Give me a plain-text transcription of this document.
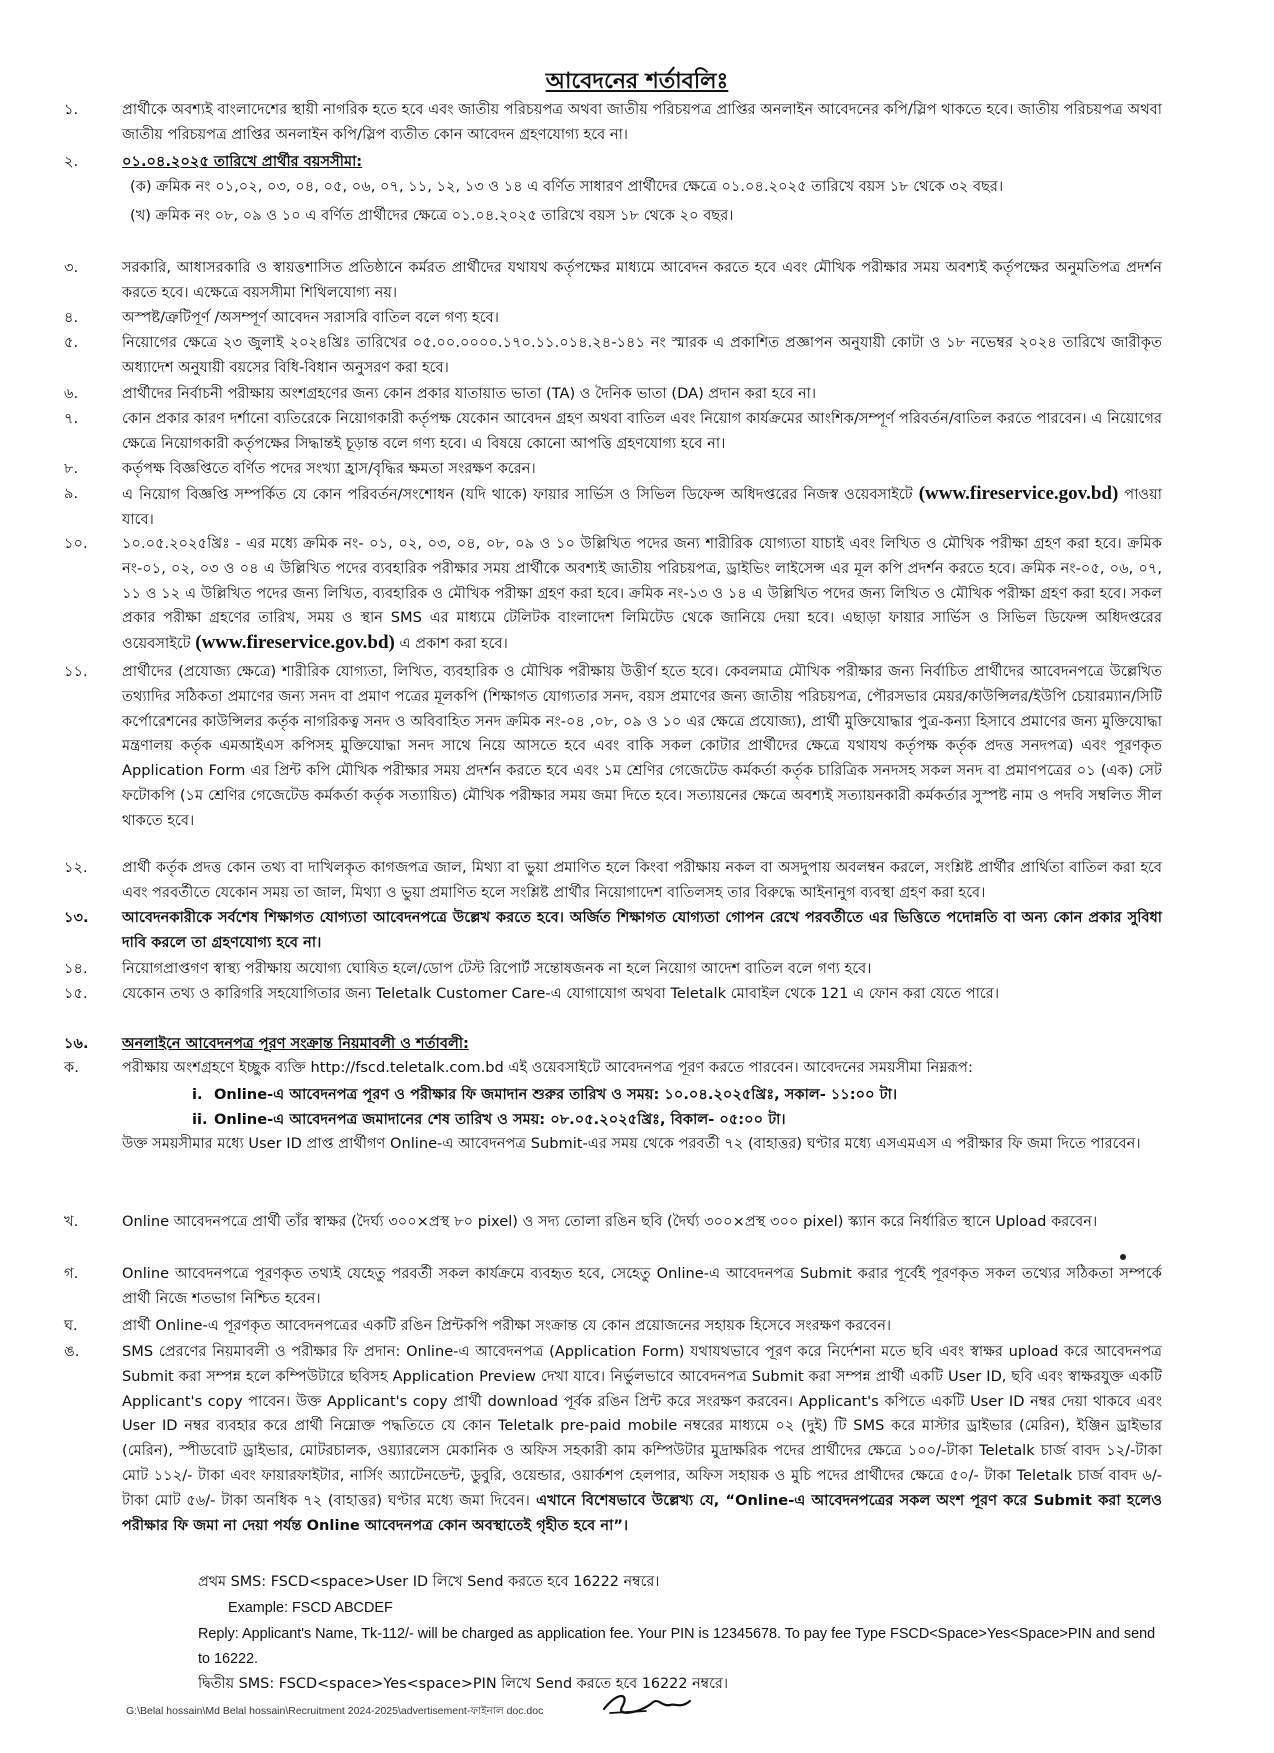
আবেদনের শর্তাবলিঃ
১.	প্রার্থীকে অবশ্যই বাংলাদেশের স্থায়ী নাগরিক হতে হবে এবং জাতীয় পরিচয়পত্র অথবা জাতীয় পরিচয়পত্র প্রাপ্তির অনলাইন আবেদনের কপি/স্লিপ থাকতে হবে। জাতীয় পরিচয়পত্র অথবা জাতীয় পরিচয়পত্র প্রাপ্তির অনলাইন কপি/স্লিপ ব্যতীত কোন আবেদন গ্রহণযোগ্য হবে না।
২.	০১.০৪.২০২৫ তারিখে প্রার্থীর বয়সসীমা:
(ক) ক্রমিক নং ০১,০২, ০৩, ০৪, ০৫, ০৬, ০৭, ১১, ১২, ১৩ ও ১৪ এ বর্ণিত সাধারণ প্রার্থীদের ক্ষেত্রে ০১.০৪.২০২৫ তারিখে বয়স ১৮ থেকে ৩২ বছর।
(খ) ক্রমিক নং ০৮, ০৯ ও ১০ এ বর্ণিত প্রার্থীদের ক্ষেত্রে ০১.০৪.২০২৫ তারিখে বয়স ১৮ থেকে ২০ বছর।
৩.	সরকারি, আধাসরকারি ও স্বায়ত্তশাসিত প্রতিষ্ঠানে কর্মরত প্রার্থীদের যথাযথ কর্তৃপক্ষের মাধ্যমে আবেদন করতে হবে এবং মৌখিক পরীক্ষার সময় অবশ্যই কর্তৃপক্ষের অনুমতিপত্র প্রদর্শন করতে হবে। এক্ষেত্রে বয়সসীমা শিথিলযোগ্য নয়।
৪.	অস্পষ্ট/ত্রুটিপূর্ণ /অসম্পূর্ণ আবেদন সরাসরি বাতিল বলে গণ্য হবে।
৫.	নিয়োগের ক্ষেত্রে ২৩ জুলাই ২০২৪খ্রিঃ তারিখের ০৫.০০.০০০০.১৭০.১১.০১৪.২৪-১৪১ নং স্মারক এ প্রকাশিত প্রজ্ঞাপন অনুযায়ী কোটা ও ১৮ নভেম্বর ২০২৪ তারিখে জারীকৃত অধ্যাদেশ অনুযায়ী বয়সের বিধি-বিধান অনুসরণ করা হবে।
৬.	প্রার্থীদের নির্বাচনী পরীক্ষায় অংশগ্রহণের জন্য কোন প্রকার যাতায়াত ভাতা (TA) ও দৈনিক ভাতা (DA) প্রদান করা হবে না।
৭.	কোন প্রকার কারণ দর্শানো ব্যতিরেকে নিয়োগকারী কর্তৃপক্ষ যেকোন আবেদন গ্রহণ অথবা বাতিল এবং নিয়োগ কার্যক্রমের আংশিক/সম্পূর্ণ পরিবর্তন/বাতিল করতে পারবেন। এ নিয়োগের ক্ষেত্রে নিয়োগকারী কর্তৃপক্ষের সিদ্ধান্তই চূড়ান্ত বলে গণ্য হবে। এ বিষয়ে কোনো আপত্তি গ্রহণযোগ্য হবে না।
৮.	কর্তৃপক্ষ বিজ্ঞপ্তিতে বর্ণিত পদের সংখ্যা হ্রাস/বৃদ্ধির ক্ষমতা সংরক্ষণ করেন।
৯.	এ নিয়োগ বিজ্ঞপ্তি সম্পর্কিত যে কোন পরিবর্তন/সংশোধন (যদি থাকে) ফায়ার সার্ভিস ও সিভিল ডিফেন্স অধিদপ্তরের নিজস্ব ওয়েবসাইটে (www.fireservice.gov.bd) পাওয়া যাবে।
১০.	১০.০৫.২০২৫খ্রিঃ - এর মধ্যে ক্রমিক নং- ০১, ০২, ০৩, ০৪, ০৮, ০৯ ও ১০ উল্লিখিত পদের জন্য শারীরিক যোগ্যতা যাচাই এবং লিখিত ও মৌখিক পরীক্ষা গ্রহণ করা হবে। ক্রমিক নং-০১, ০২, ০৩ ও ০৪ এ উল্লিখিত পদের ব্যবহারিক পরীক্ষার সময় প্রার্থীকে অবশ্যই জাতীয় পরিচয়পত্র, ড্রাইভিং লাইসেন্স এর মূল কপি প্রদর্শন করতে হবে। ক্রমিক নং-০৫, ০৬, ০৭, ১১ ও ১২ এ উল্লিখিত পদের জন্য লিখিত, ব্যবহারিক ও মৌখিক পরীক্ষা গ্রহণ করা হবে। ক্রমিক নং-১৩ ও ১৪ এ উল্লিখিত পদের জন্য লিখিত ও মৌখিক পরীক্ষা গ্রহণ করা হবে। সকল প্রকার পরীক্ষা গ্রহণের তারিখ, সময় ও স্থান SMS এর মাধ্যমে টেলিটক বাংলাদেশ লিমিটেড থেকে জানিয়ে দেয়া হবে। এছাড়া ফায়ার সার্ভিস ও সিভিল ডিফেন্স অধিদপ্তরের ওয়েবসাইটে (www.fireservice.gov.bd) এ প্রকাশ করা হবে।
১১.	প্রার্থীদের (প্রযোজ্য ক্ষেত্রে) শারীরিক যোগ্যতা, লিখিত, ব্যবহারিক ও মৌখিক পরীক্ষায় উত্তীর্ণ হতে হবে। কেবলমাত্র মৌখিক পরীক্ষার জন্য নির্বাচিত প্রার্থীদের আবেদনপত্রে উল্লেখিত তথ্যাদির সঠিকতা প্রমাণের জন্য সনদ বা প্রমাণ পত্রের মূলকপি (শিক্ষাগত যোগ্যতার সনদ, বয়স প্রমাণের জন্য জাতীয় পরিচয়পত্র, পৌরসভার মেয়র/কাউন্সিলর/ইউপি চেয়ারম্যান/সিটি কর্পোরেশনের কাউন্সিলর কর্তৃক নাগরিকত্ব সনদ ও অবিবাহিত সনদ ক্রমিক নং-০৪ ,০৮, ০৯ ও ১০ এর ক্ষেত্রে প্রযোজ্য), প্রার্থী মুক্তিযোদ্ধার পুত্র-কন্যা হিসাবে প্রমাণের জন্য মুক্তিযোদ্ধা মন্ত্রণালয় কর্তৃক এমআইএস কপিসহ মুক্তিযোদ্ধা সনদ সাথে নিয়ে আসতে হবে এবং বাকি সকল কোটার প্রার্থীদের ক্ষেত্রে যথাযথ কর্তৃপক্ষ কর্তৃক প্রদত্ত সনদপত্র) এবং পূরণকৃত Application Form এর প্রিন্ট কপি মৌখিক পরীক্ষার সময় প্রদর্শন করতে হবে এবং ১ম শ্রেণির গেজেটেড কর্মকর্তা কর্তৃক চারিত্রিক সনদসহ সকল সনদ বা প্রমাণপত্রের ০১ (এক) সেট ফটোকপি (১ম শ্রেণির গেজেটেড কর্মকর্তা কর্তৃক সত্যায়িত) মৌখিক পরীক্ষার সময় জমা দিতে হবে। সত্যায়নের ক্ষেত্রে অবশ্যই সত্যায়নকারী কর্মকর্তার সুস্পষ্ট নাম ও পদবি সম্বলিত সীল থাকতে হবে।
১২.	প্রার্থী কর্তৃক প্রদত্ত কোন তথ্য বা দাখিলকৃত কাগজপত্র জাল, মিথ্যা বা ভুয়া প্রমাণিত হলে কিংবা পরীক্ষায় নকল বা অসদুপায় অবলম্বন করলে, সংশ্লিষ্ট প্রার্থীর প্রার্থিতা বাতিল করা হবে এবং পরবর্তীতে যেকোন সময় তা জাল, মিথ্যা ও ভুয়া প্রমাণিত হলে সংশ্লিষ্ট প্রার্থীর নিয়োগাদেশ বাতিলসহ তার বিরুদ্ধে আইনানুগ ব্যবস্থা গ্রহণ করা হবে।
১৩.	আবেদনকারীকে সর্বশেষ শিক্ষাগত যোগ্যতা আবেদনপত্রে উল্লেখ করতে হবে। অর্জিত শিক্ষাগত যোগ্যতা গোপন রেখে পরবর্তীতে এর ভিত্তিতে পদোন্নতি বা অন্য কোন প্রকার সুবিধা দাবি করলে তা গ্রহণযোগ্য হবে না।
১৪.	নিয়োগপ্রাপ্তগণ স্বাস্থ্য পরীক্ষায় অযোগ্য ঘোষিত হলে/ডোপ টেস্ট রিপোর্ট সন্তোষজনক না হলে নিয়োগ আদেশ বাতিল বলে গণ্য হবে।
১৫.	যেকোন তথ্য ও কারিগরি সহযোগিতার জন্য Teletalk Customer Care-এ যোগাযোগ অথবা Teletalk মোবাইল থেকে 121 এ ফোন করা যেতে পারে।
১৬.	অনলাইনে আবেদনপত্র পূরণ সংক্রান্ত নিয়মাবলী ও শর্তাবলী:
ক.	পরীক্ষায় অংশগ্রহণে ইচ্ছুক ব্যক্তি http://fscd.teletalk.com.bd এই ওয়েবসাইটে আবেদনপত্র পূরণ করতে পারবেন। আবেদনের সময়সীমা নিম্নরূপ:
i. Online-এ আবেদনপত্র পূরণ ও পরীক্ষার ফি জমাদান শুরুর তারিখ ও সময়: ১০.০৪.২০২৫খ্রিঃ, সকাল- ১১:০০ টা।
ii. Online-এ আবেদনপত্র জমাদানের শেষ তারিখ ও সময়: ০৮.০৫.২০২৫খ্রিঃ, বিকাল- ০৫:০০ টা।
উক্ত সময়সীমার মধ্যে User ID প্রাপ্ত প্রার্থীগণ Online-এ আবেদনপত্র Submit-এর সময় থেকে পরবর্তী ৭২ (বাহাত্তর) ঘণ্টার মধ্যে এসএমএস এ পরীক্ষার ফি জমা দিতে পারবেন।
খ.	Online আবেদনপত্রে প্রার্থী তাঁর স্বাক্ষর (দৈর্ঘ্য ৩০০×প্রস্থ ৮০ pixel) ও সদ্য তোলা রঙিন ছবি (দৈর্ঘ্য ৩০০×প্রস্থ ৩০০ pixel) স্ক্যান করে নির্ধারিত স্থানে Upload করবেন।
গ.	Online আবেদনপত্রে পূরণকৃত তথ্যই যেহেতু পরবর্তী সকল কার্যক্রমে ব্যবহৃত হবে, সেহেতু Online-এ আবেদনপত্র Submit করার পূর্বেই পূরণকৃত সকল তথ্যের সঠিকতা সম্পর্কে প্রার্থী নিজে শতভাগ নিশ্চিত হবেন।
ঘ.	প্রার্থী Online-এ পূরণকৃত আবেদনপত্রের একটি রঙিন প্রিন্টকপি পরীক্ষা সংক্রান্ত যে কোন প্রয়োজনের সহায়ক হিসেবে সংরক্ষণ করবেন।
ঙ.	SMS প্রেরণের নিয়মাবলী ও পরীক্ষার ফি প্রদান: Online-এ আবেদনপত্র (Application Form) যথাযথভাবে পূরণ করে নির্দেশনা মতে ছবি এবং স্বাক্ষর upload করে আবেদনপত্র Submit করা সম্পন্ন হলে কম্পিউটারে ছবিসহ Application Preview দেখা যাবে। নির্ভুলভাবে আবেদনপত্র Submit করা সম্পন্ন প্রার্থী একটি User ID, ছবি এবং স্বাক্ষরযুক্ত একটি Applicant's copy পাবেন। উক্ত Applicant's copy প্রার্থী download পূর্বক রঙিন প্রিন্ট করে সংরক্ষণ করবেন। Applicant's কপিতে একটি User ID নম্বর দেয়া থাকবে এবং User ID নম্বর ব্যবহার করে প্রার্থী নিম্নোক্ত পদ্ধতিতে যে কোন Teletalk pre-paid mobile নম্বরের মাধ্যমে ০২ (দুই) টি SMS করে মাস্টার ড্রাইভার (মেরিন), ইঞ্জিন ড্রাইভার (মেরিন), স্পীডবোট ড্রাইভার, মোটরচালক, ওয়্যারলেস মেকানিক ও অফিস সহকারী কাম কম্পিউটার মুদ্রাক্ষরিক পদের প্রার্থীদের ক্ষেত্রে ১০০/-টাকা Teletalk চার্জ বাবদ ১২/-টাকা মোট ১১২/- টাকা এবং ফায়ারফাইটার, নার্সিং অ্যাটেনডেন্ট, ডুবুরি, ওয়েন্ডার, ওয়ার্কশপ হেলপার, অফিস সহায়ক ও মুচি পদের প্রার্থীদের ক্ষেত্রে ৫০/- টাকা Teletalk চার্জ বাবদ ৬/- টাকা মোট ৫৬/- টাকা অনধিক ৭২ (বাহাত্তর) ঘণ্টার মধ্যে জমা দিবেন। এখানে বিশেষভাবে উল্লেখ্য যে, “Online-এ আবেদনপত্রের সকল অংশ পূরণ করে Submit করা হলেও পরীক্ষার ফি জমা না দেয়া পর্যন্ত Online আবেদনপত্র কোন অবস্থাতেই গৃহীত হবে না”।
প্রথম SMS: FSCD<space>User ID লিখে Send করতে হবে 16222 নম্বরে।
Example: FSCD ABCDEF
Reply: Applicant's Name, Tk-112/- will be charged as application fee. Your PIN is 12345678. To pay fee Type FSCD<Space>Yes<Space>PIN and send to 16222.
দ্বিতীয় SMS: FSCD<space>Yes<space>PIN লিখে Send করতে হবে 16222 নম্বরে।
G:\Belal hossain\Md Belal hossain\Recruitment 2024-2025\advertisement-ফাইনাল doc.doc
